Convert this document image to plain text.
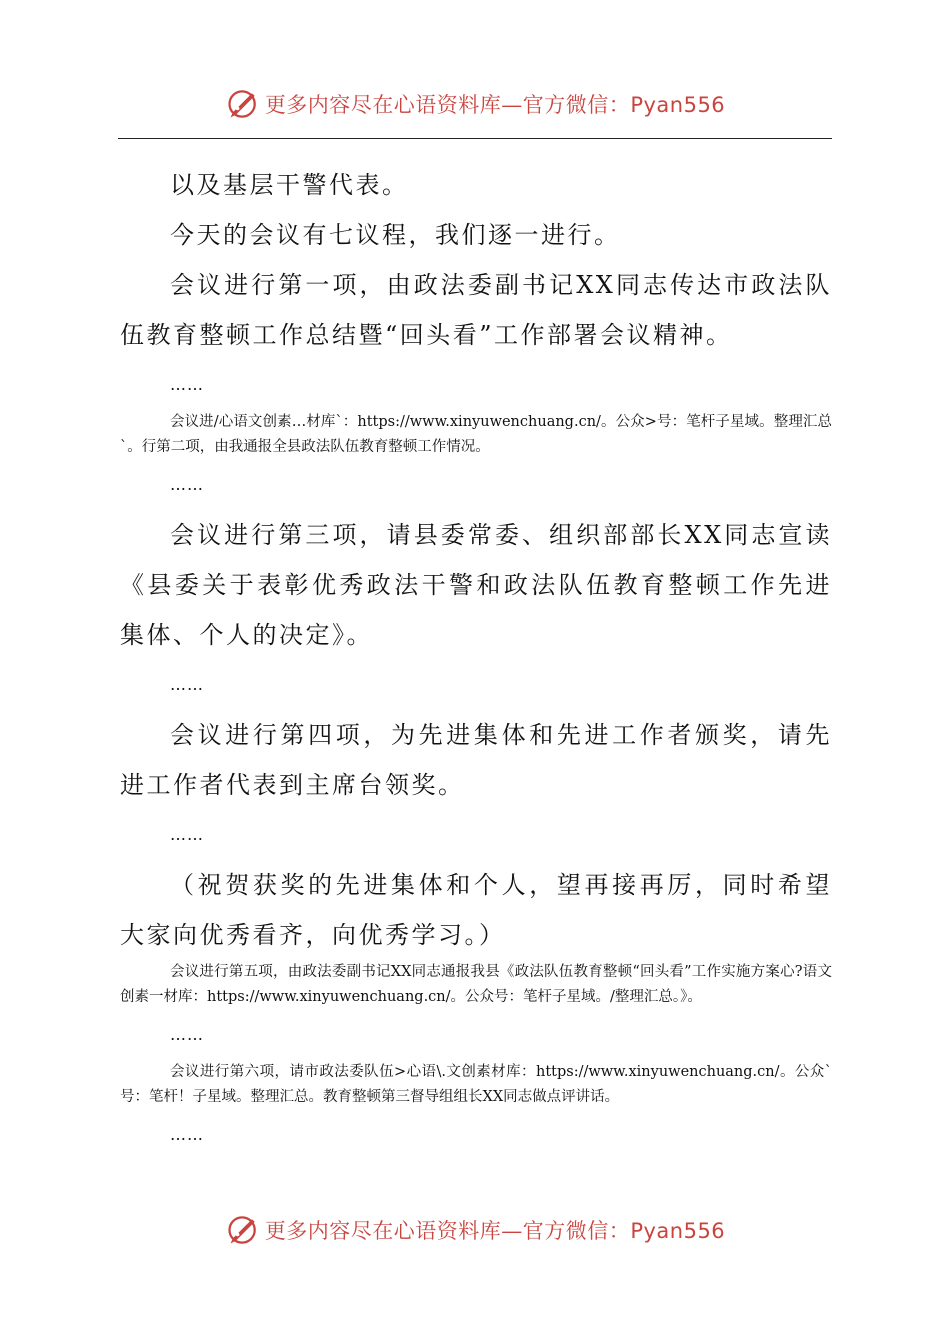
更多内容尽在心语资料库—官方微信：Pyan556

以及基层干警代表。

今天的会议有七议程，我们逐一进行。

会议进行第一项，由政法委副书记XX同志传达市政法队伍教育整顿工作总结暨“回头看”工作部署会议精神。

……

会议进/心语文创素…材库`：https://www.xinyuwenchuang.cn/。公众>号：笔杆子星域。整理汇总`。行第二项，由我通报全县政法队伍教育整顿工作情况。

……

会议进行第三项，请县委常委、组织部部长XX同志宣读《县委关于表彰优秀政法干警和政法队伍教育整顿工作先进集体、个人的决定》。

……

会议进行第四项，为先进集体和先进工作者颁奖，请先进工作者代表到主席台领奖。

……

（祝贺获奖的先进集体和个人，望再接再厉，同时希望大家向优秀看齐，向优秀学习。）

会议进行第五项，由政法委副书记XX同志通报我县《政法队伍教育整顿“回头看”工作实施方案心?语文创素一材库：https://www.xinyuwenchuang.cn/。公众号：笔杆子星域。/整理汇总。》。

……

会议进行第六项，请市政法委队伍>心语\.文创素材库：https://www.xinyuwenchuang.cn/。公众`号：笔杆！子星域。整理汇总。教育整顿第三督导组组长XX同志做点评讲话。

……

更多内容尽在心语资料库—官方微信：Pyan556
